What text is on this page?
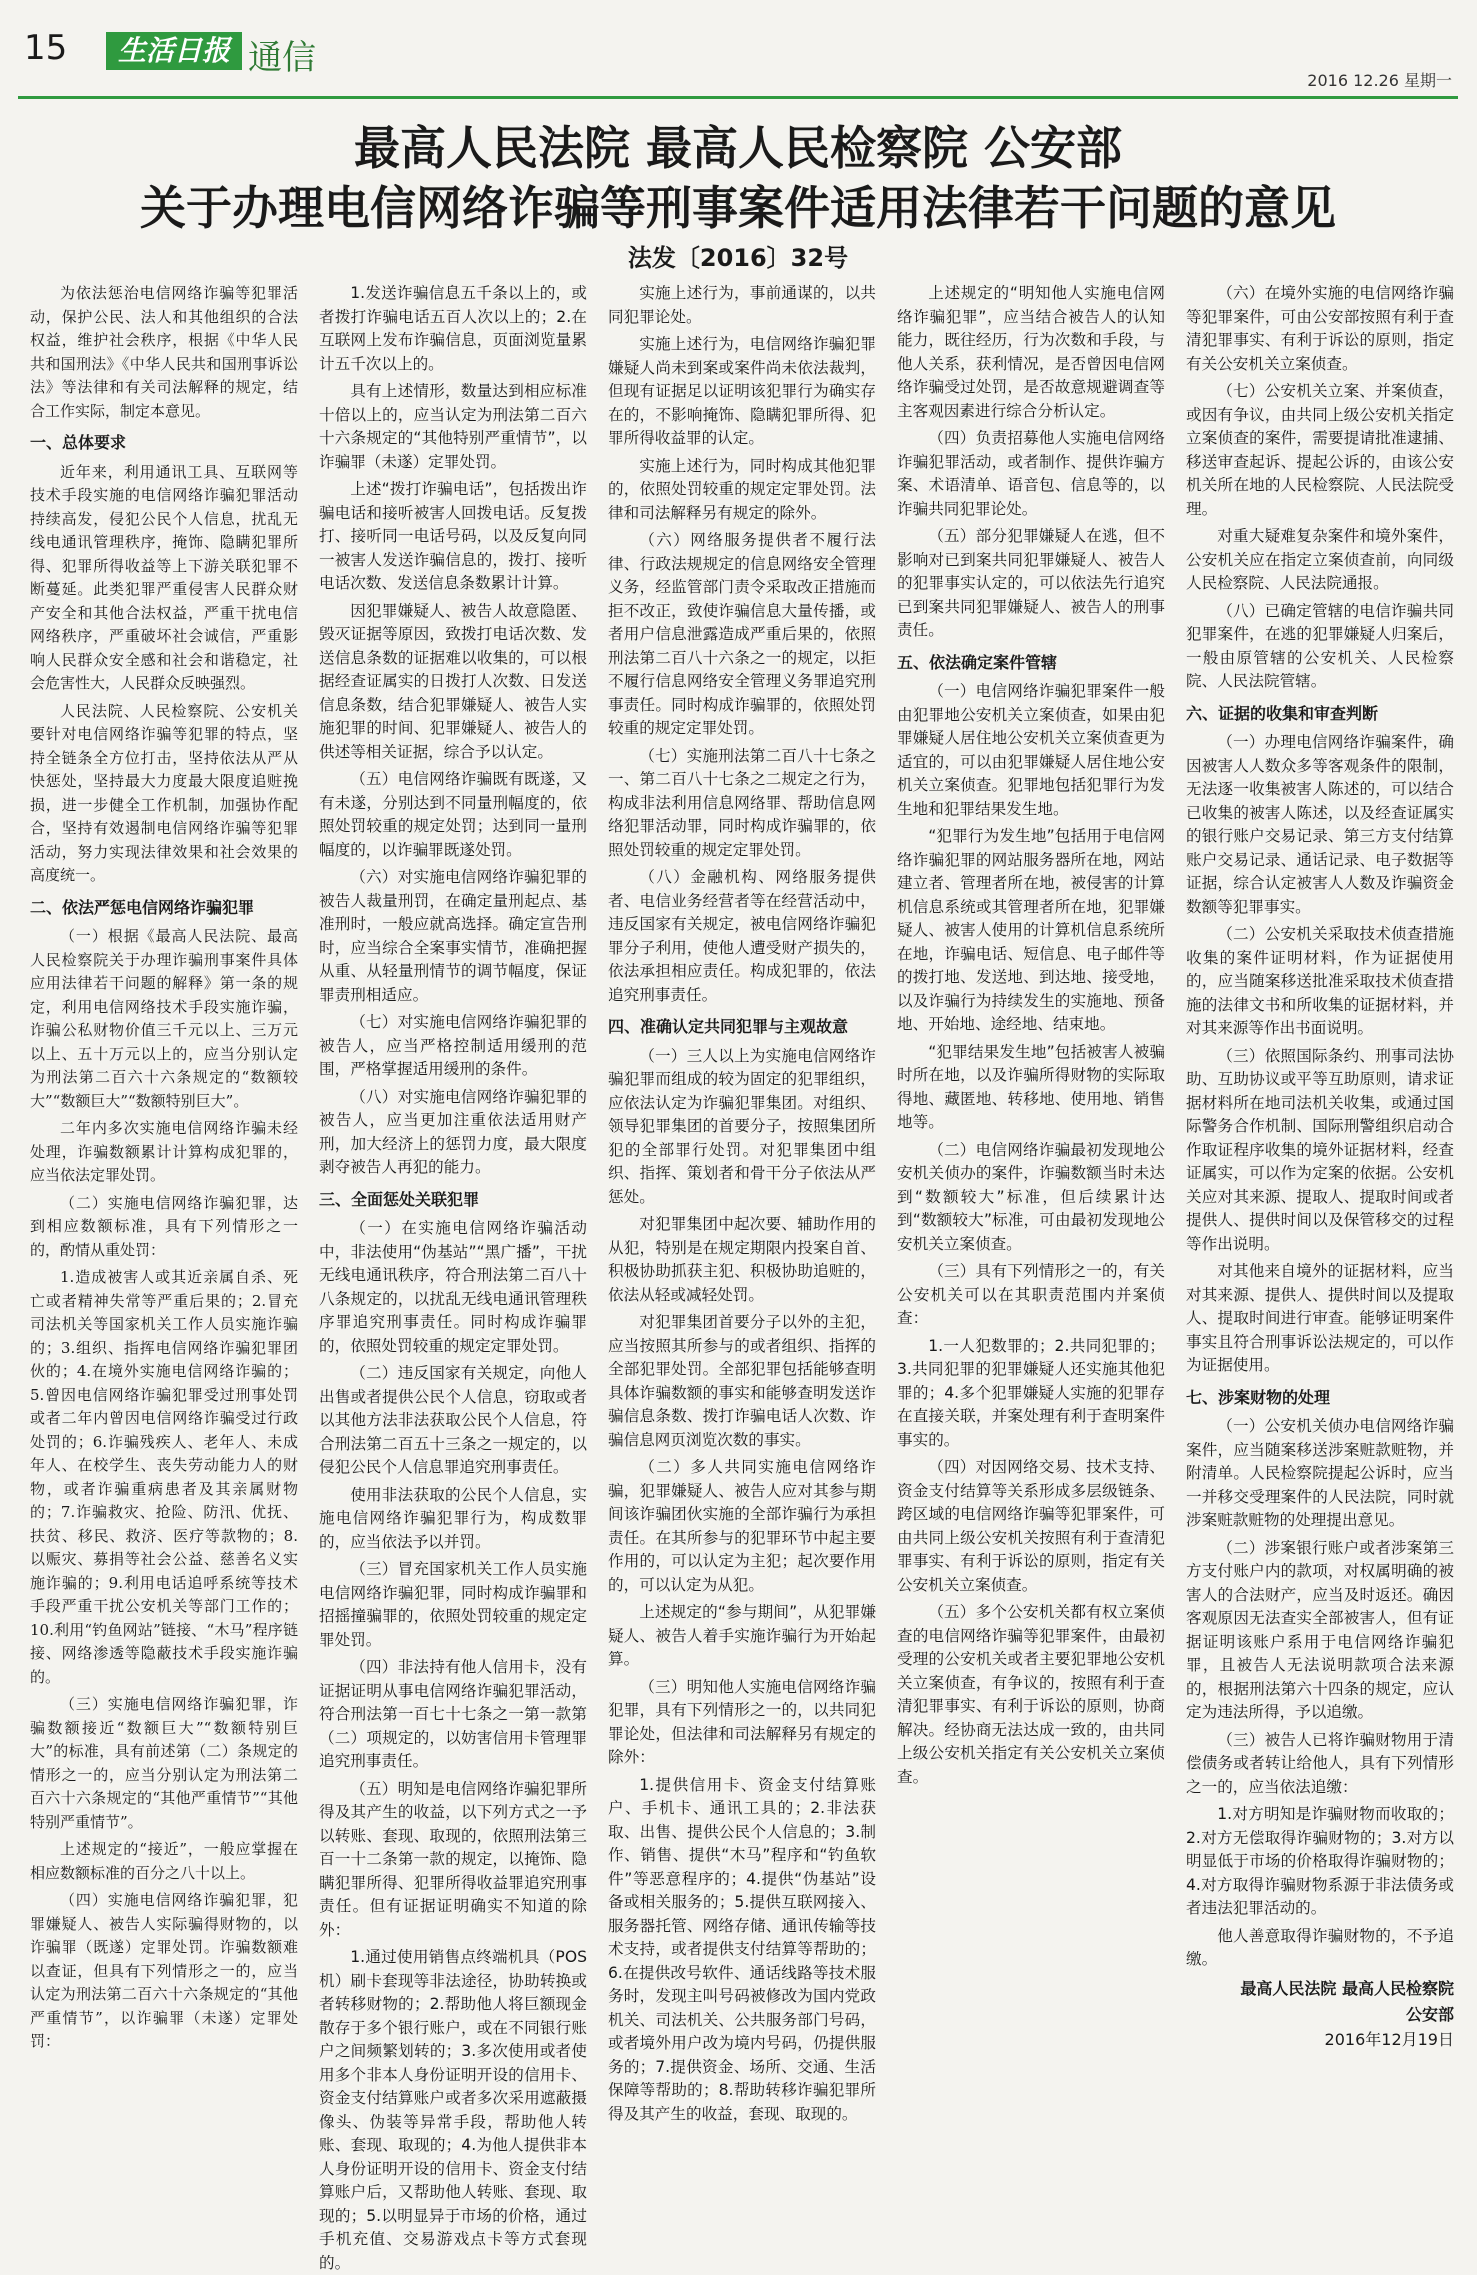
15	生活日报 通信
2016 12.26 星期一
最高人民法院 最高人民检察院 公安部
关于办理电信网络诈骗等刑事案件适用法律若干问题的意见
法发〔2016〕32号

为依法惩治电信网络诈骗等犯罪活动，保护公民、法人和其他组织的合法权益，维护社会秩序，根据《中华人民共和国刑法》《中华人民共和国刑事诉讼法》等法律和有关司法解释的规定，结合工作实际，制定本意见。

一、总体要求

近年来，利用通讯工具、互联网等技术手段实施的电信网络诈骗犯罪活动持续高发，侵犯公民个人信息，扰乱无线电通讯管理秩序，掩饰、隐瞒犯罪所得、犯罪所得收益等上下游关联犯罪不断蔓延。此类犯罪严重侵害人民群众财产安全和其他合法权益，严重干扰电信网络秩序，严重破坏社会诚信，严重影响人民群众安全感和社会和谐稳定，社会危害性大，人民群众反映强烈。

人民法院、人民检察院、公安机关要针对电信网络诈骗等犯罪的特点，坚持全链条全方位打击，坚持依法从严从快惩处，坚持最大力度最大限度追赃挽损，进一步健全工作机制，加强协作配合，坚持有效遏制电信网络诈骗等犯罪活动，努力实现法律效果和社会效果的高度统一。

二、依法严惩电信网络诈骗犯罪

（一）根据《最高人民法院、最高人民检察院关于办理诈骗刑事案件具体应用法律若干问题的解释》第一条的规定，利用电信网络技术手段实施诈骗，诈骗公私财物价值三千元以上、三万元以上、五十万元以上的，应当分别认定为刑法第二百六十六条规定的“数额较大”“数额巨大”“数额特别巨大”。

二年内多次实施电信网络诈骗未经处理，诈骗数额累计计算构成犯罪的，应当依法定罪处罚。

（二）实施电信网络诈骗犯罪，达到相应数额标准，具有下列情形之一的，酌情从重处罚：

1.造成被害人或其近亲属自杀、死亡或者精神失常等严重后果的；2.冒充司法机关等国家机关工作人员实施诈骗的；3.组织、指挥电信网络诈骗犯罪团伙的；4.在境外实施电信网络诈骗的；5.曾因电信网络诈骗犯罪受过刑事处罚或者二年内曾因电信网络诈骗受过行政处罚的；6.诈骗残疾人、老年人、未成年人、在校学生、丧失劳动能力人的财物，或者诈骗重病患者及其亲属财物的；7.诈骗救灾、抢险、防汛、优抚、扶贫、移民、救济、医疗等款物的；8.以赈灾、募捐等社会公益、慈善名义实施诈骗的；9.利用电话追呼系统等技术手段严重干扰公安机关等部门工作的；10.利用“钓鱼网站”链接、“木马”程序链接、网络渗透等隐蔽技术手段实施诈骗的。

（三）实施电信网络诈骗犯罪，诈骗数额接近“数额巨大”“数额特别巨大”的标准，具有前述第（二）条规定的情形之一的，应当分别认定为刑法第二百六十六条规定的“其他严重情节”“其他特别严重情节”。

上述规定的“接近”，一般应掌握在相应数额标准的百分之八十以上。

（四）实施电信网络诈骗犯罪，犯罪嫌疑人、被告人实际骗得财物的，以诈骗罪（既遂）定罪处罚。诈骗数额难以查证，但具有下列情形之一的，应当认定为刑法第二百六十六条规定的“其他严重情节”，以诈骗罪（未遂）定罪处罚：

1.发送诈骗信息五千条以上的，或者拨打诈骗电话五百人次以上的；2.在互联网上发布诈骗信息，页面浏览量累计五千次以上的。

具有上述情形，数量达到相应标准十倍以上的，应当认定为刑法第二百六十六条规定的“其他特别严重情节”，以诈骗罪（未遂）定罪处罚。

上述“拨打诈骗电话”，包括拨出诈骗电话和接听被害人回拨电话。反复拨打、接听同一电话号码，以及反复向同一被害人发送诈骗信息的，拨打、接听电话次数、发送信息条数累计计算。

因犯罪嫌疑人、被告人故意隐匿、毁灭证据等原因，致拨打电话次数、发送信息条数的证据难以收集的，可以根据经查证属实的日拨打人次数、日发送信息条数，结合犯罪嫌疑人、被告人实施犯罪的时间、犯罪嫌疑人、被告人的供述等相关证据，综合予以认定。

（五）电信网络诈骗既有既遂，又有未遂，分别达到不同量刑幅度的，依照处罚较重的规定处罚；达到同一量刑幅度的，以诈骗罪既遂处罚。

（六）对实施电信网络诈骗犯罪的被告人裁量刑罚，在确定量刑起点、基准刑时，一般应就高选择。确定宣告刑时，应当综合全案事实情节，准确把握从重、从轻量刑情节的调节幅度，保证罪责刑相适应。

（七）对实施电信网络诈骗犯罪的被告人，应当严格控制适用缓刑的范围，严格掌握适用缓刑的条件。

（八）对实施电信网络诈骗犯罪的被告人，应当更加注重依法适用财产刑，加大经济上的惩罚力度，最大限度剥夺被告人再犯的能力。

三、全面惩处关联犯罪

（一）在实施电信网络诈骗活动中，非法使用“伪基站”“黑广播”，干扰无线电通讯秩序，符合刑法第二百八十八条规定的，以扰乱无线电通讯管理秩序罪追究刑事责任。同时构成诈骗罪的，依照处罚较重的规定定罪处罚。

（二）违反国家有关规定，向他人出售或者提供公民个人信息，窃取或者以其他方法非法获取公民个人信息，符合刑法第二百五十三条之一规定的，以侵犯公民个人信息罪追究刑事责任。

使用非法获取的公民个人信息，实施电信网络诈骗犯罪行为，构成数罪的，应当依法予以并罚。

（三）冒充国家机关工作人员实施电信网络诈骗犯罪，同时构成诈骗罪和招摇撞骗罪的，依照处罚较重的规定定罪处罚。

（四）非法持有他人信用卡，没有证据证明从事电信网络诈骗犯罪活动，符合刑法第一百七十七条之一第一款第（二）项规定的，以妨害信用卡管理罪追究刑事责任。

（五）明知是电信网络诈骗犯罪所得及其产生的收益，以下列方式之一予以转账、套现、取现的，依照刑法第三百一十二条第一款的规定，以掩饰、隐瞒犯罪所得、犯罪所得收益罪追究刑事责任。但有证据证明确实不知道的除外：

1.通过使用销售点终端机具（POS机）刷卡套现等非法途径，协助转换或者转移财物的；2.帮助他人将巨额现金散存于多个银行账户，或在不同银行账户之间频繁划转的；3.多次使用或者使用多个非本人身份证明开设的信用卡、资金支付结算账户或者多次采用遮蔽摄像头、伪装等异常手段，帮助他人转账、套现、取现的；4.为他人提供非本人身份证明开设的信用卡、资金支付结算账户后，又帮助他人转账、套现、取现的；5.以明显异于市场的价格，通过手机充值、交易游戏点卡等方式套现的。

实施上述行为，事前通谋的，以共同犯罪论处。

实施上述行为，电信网络诈骗犯罪嫌疑人尚未到案或案件尚未依法裁判，但现有证据足以证明该犯罪行为确实存在的，不影响掩饰、隐瞒犯罪所得、犯罪所得收益罪的认定。

实施上述行为，同时构成其他犯罪的，依照处罚较重的规定定罪处罚。法律和司法解释另有规定的除外。

（六）网络服务提供者不履行法律、行政法规规定的信息网络安全管理义务，经监管部门责令采取改正措施而拒不改正，致使诈骗信息大量传播，或者用户信息泄露造成严重后果的，依照刑法第二百八十六条之一的规定，以拒不履行信息网络安全管理义务罪追究刑事责任。同时构成诈骗罪的，依照处罚较重的规定定罪处罚。

（七）实施刑法第二百八十七条之一、第二百八十七条之二规定之行为，构成非法利用信息网络罪、帮助信息网络犯罪活动罪，同时构成诈骗罪的，依照处罚较重的规定定罪处罚。

（八）金融机构、网络服务提供者、电信业务经营者等在经营活动中，违反国家有关规定，被电信网络诈骗犯罪分子利用，使他人遭受财产损失的，依法承担相应责任。构成犯罪的，依法追究刑事责任。

四、准确认定共同犯罪与主观故意

（一）三人以上为实施电信网络诈骗犯罪而组成的较为固定的犯罪组织，应依法认定为诈骗犯罪集团。对组织、领导犯罪集团的首要分子，按照集团所犯的全部罪行处罚。对犯罪集团中组织、指挥、策划者和骨干分子依法从严惩处。

对犯罪集团中起次要、辅助作用的从犯，特别是在规定期限内投案自首、积极协助抓获主犯、积极协助追赃的，依法从轻或减轻处罚。

对犯罪集团首要分子以外的主犯，应当按照其所参与的或者组织、指挥的全部犯罪处罚。全部犯罪包括能够查明具体诈骗数额的事实和能够查明发送诈骗信息条数、拨打诈骗电话人次数、诈骗信息网页浏览次数的事实。

（二）多人共同实施电信网络诈骗，犯罪嫌疑人、被告人应对其参与期间该诈骗团伙实施的全部诈骗行为承担责任。在其所参与的犯罪环节中起主要作用的，可以认定为主犯；起次要作用的，可以认定为从犯。

上述规定的“参与期间”，从犯罪嫌疑人、被告人着手实施诈骗行为开始起算。

（三）明知他人实施电信网络诈骗犯罪，具有下列情形之一的，以共同犯罪论处，但法律和司法解释另有规定的除外：

1.提供信用卡、资金支付结算账户、手机卡、通讯工具的；2.非法获取、出售、提供公民个人信息的；3.制作、销售、提供“木马”程序和“钓鱼软件”等恶意程序的；4.提供“伪基站”设备或相关服务的；5.提供互联网接入、服务器托管、网络存储、通讯传输等技术支持，或者提供支付结算等帮助的；6.在提供改号软件、通话线路等技术服务时，发现主叫号码被修改为国内党政机关、司法机关、公共服务部门号码，或者境外用户改为境内号码，仍提供服务的；7.提供资金、场所、交通、生活保障等帮助的；8.帮助转移诈骗犯罪所得及其产生的收益，套现、取现的。

上述规定的“明知他人实施电信网络诈骗犯罪”，应当结合被告人的认知能力，既往经历，行为次数和手段，与他人关系，获利情况，是否曾因电信网络诈骗受过处罚，是否故意规避调查等主客观因素进行综合分析认定。

（四）负责招募他人实施电信网络诈骗犯罪活动，或者制作、提供诈骗方案、术语清单、语音包、信息等的，以诈骗共同犯罪论处。

（五）部分犯罪嫌疑人在逃，但不影响对已到案共同犯罪嫌疑人、被告人的犯罪事实认定的，可以依法先行追究已到案共同犯罪嫌疑人、被告人的刑事责任。

五、依法确定案件管辖

（一）电信网络诈骗犯罪案件一般由犯罪地公安机关立案侦查，如果由犯罪嫌疑人居住地公安机关立案侦查更为适宜的，可以由犯罪嫌疑人居住地公安机关立案侦查。犯罪地包括犯罪行为发生地和犯罪结果发生地。

“犯罪行为发生地”包括用于电信网络诈骗犯罪的网站服务器所在地，网站建立者、管理者所在地，被侵害的计算机信息系统或其管理者所在地，犯罪嫌疑人、被害人使用的计算机信息系统所在地，诈骗电话、短信息、电子邮件等的拨打地、发送地、到达地、接受地，以及诈骗行为持续发生的实施地、预备地、开始地、途经地、结束地。

“犯罪结果发生地”包括被害人被骗时所在地，以及诈骗所得财物的实际取得地、藏匿地、转移地、使用地、销售地等。

（二）电信网络诈骗最初发现地公安机关侦办的案件，诈骗数额当时未达到“数额较大”标准，但后续累计达到“数额较大”标准，可由最初发现地公安机关立案侦查。

（三）具有下列情形之一的，有关公安机关可以在其职责范围内并案侦查：

1.一人犯数罪的；2.共同犯罪的；3.共同犯罪的犯罪嫌疑人还实施其他犯罪的；4.多个犯罪嫌疑人实施的犯罪存在直接关联，并案处理有利于查明案件事实的。

（四）对因网络交易、技术支持、资金支付结算等关系形成多层级链条、跨区域的电信网络诈骗等犯罪案件，可由共同上级公安机关按照有利于查清犯罪事实、有利于诉讼的原则，指定有关公安机关立案侦查。

（五）多个公安机关都有权立案侦查的电信网络诈骗等犯罪案件，由最初受理的公安机关或者主要犯罪地公安机关立案侦查，有争议的，按照有利于查清犯罪事实、有利于诉讼的原则，协商解决。经协商无法达成一致的，由共同上级公安机关指定有关公安机关立案侦查。

（六）在境外实施的电信网络诈骗等犯罪案件，可由公安部按照有利于查清犯罪事实、有利于诉讼的原则，指定有关公安机关立案侦查。

（七）公安机关立案、并案侦查，或因有争议，由共同上级公安机关指定立案侦查的案件，需要提请批准逮捕、移送审查起诉、提起公诉的，由该公安机关所在地的人民检察院、人民法院受理。

对重大疑难复杂案件和境外案件，公安机关应在指定立案侦查前，向同级人民检察院、人民法院通报。

（八）已确定管辖的电信诈骗共同犯罪案件，在逃的犯罪嫌疑人归案后，一般由原管辖的公安机关、人民检察院、人民法院管辖。

六、证据的收集和审查判断

（一）办理电信网络诈骗案件，确因被害人人数众多等客观条件的限制，无法逐一收集被害人陈述的，可以结合已收集的被害人陈述，以及经查证属实的银行账户交易记录、第三方支付结算账户交易记录、通话记录、电子数据等证据，综合认定被害人人数及诈骗资金数额等犯罪事实。

（二）公安机关采取技术侦查措施收集的案件证明材料，作为证据使用的，应当随案移送批准采取技术侦查措施的法律文书和所收集的证据材料，并对其来源等作出书面说明。

（三）依照国际条约、刑事司法协助、互助协议或平等互助原则，请求证据材料所在地司法机关收集，或通过国际警务合作机制、国际刑警组织启动合作取证程序收集的境外证据材料，经查证属实，可以作为定案的依据。公安机关应对其来源、提取人、提取时间或者提供人、提供时间以及保管移交的过程等作出说明。

对其他来自境外的证据材料，应当对其来源、提供人、提供时间以及提取人、提取时间进行审查。能够证明案件事实且符合刑事诉讼法规定的，可以作为证据使用。

七、涉案财物的处理

（一）公安机关侦办电信网络诈骗案件，应当随案移送涉案赃款赃物，并附清单。人民检察院提起公诉时，应当一并移交受理案件的人民法院，同时就涉案赃款赃物的处理提出意见。

（二）涉案银行账户或者涉案第三方支付账户内的款项，对权属明确的被害人的合法财产，应当及时返还。确因客观原因无法查实全部被害人，但有证据证明该账户系用于电信网络诈骗犯罪，且被告人无法说明款项合法来源的，根据刑法第六十四条的规定，应认定为违法所得，予以追缴。

（三）被告人已将诈骗财物用于清偿债务或者转让给他人，具有下列情形之一的，应当依法追缴：

1.对方明知是诈骗财物而收取的；2.对方无偿取得诈骗财物的；3.对方以明显低于市场的价格取得诈骗财物的；4.对方取得诈骗财物系源于非法债务或者违法犯罪活动的。

他人善意取得诈骗财物的，不予追缴。

最高人民法院 最高人民检察院
公安部
2016年12月19日
